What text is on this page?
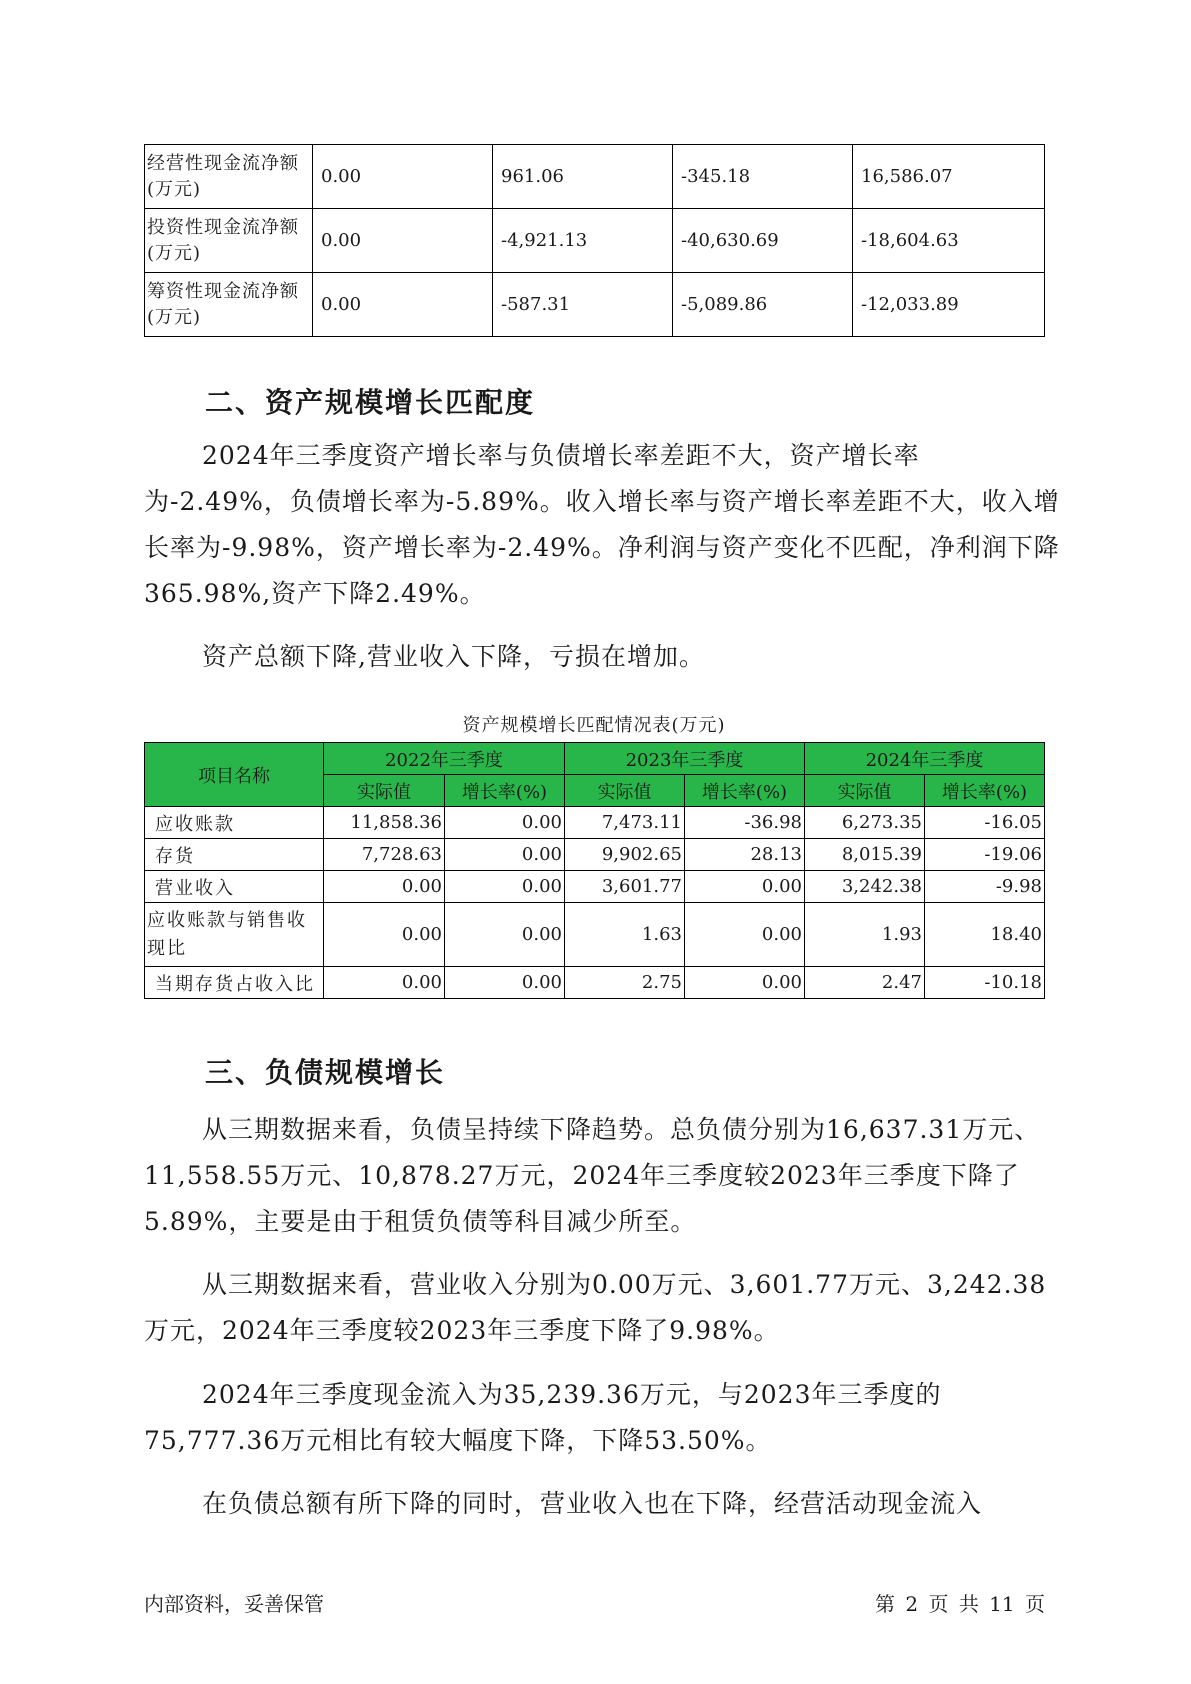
经营性现金流净额(万元)	0.00	961.06	-345.18	16,586.07
投资性现金流净额(万元)	0.00	-4,921.13	-40,630.69	-18,604.63
筹资性现金流净额(万元)	0.00	-587.31	-5,089.86	-12,033.89
二、资产规模增长匹配度

2024年三季度资产增长率与负债增长率差距不大，资产增长率为-2.49%，负债增长率为-5.89%。收入增长率与资产增长率差距不大，收入增长率为-9.98%，资产增长率为-2.49%。净利润与资产变化不匹配，净利润下降365.98%,资产下降2.49%。

资产总额下降,营业收入下降，亏损在增加。

资产规模增长匹配情况表(万元)
项目名称	2022年三季度		2023年三季度		2024年三季度	
	实际值	增长率(%)	实际值	增长率(%)	实际值	增长率(%)
应收账款	11,858.36	0.00	7,473.11	-36.98	6,273.35	-16.05
存货	7,728.63	0.00	9,902.65	28.13	8,015.39	-19.06
营业收入	0.00	0.00	3,601.77	0.00	3,242.38	-9.98
应收账款与销售收现比	0.00	0.00	1.63	0.00	1.93	18.40
当期存货占收入比	0.00	0.00	2.75	0.00	2.47	-10.18
三、负债规模增长

从三期数据来看，负债呈持续下降趋势。总负债分别为16,637.31万元、11,558.55万元、10,878.27万元，2024年三季度较2023年三季度下降了5.89%，主要是由于租赁负债等科目减少所至。

从三期数据来看，营业收入分别为0.00万元、3,601.77万元、3,242.38万元，2024年三季度较2023年三季度下降了9.98%。

2024年三季度现金流入为35,239.36万元，与2023年三季度的75,777.36万元相比有较大幅度下降，下降53.50%。

在负债总额有所下降的同时，营业收入也在下降，经营活动现金流入

内部资料，妥善保管	第 2 页 共 11 页
